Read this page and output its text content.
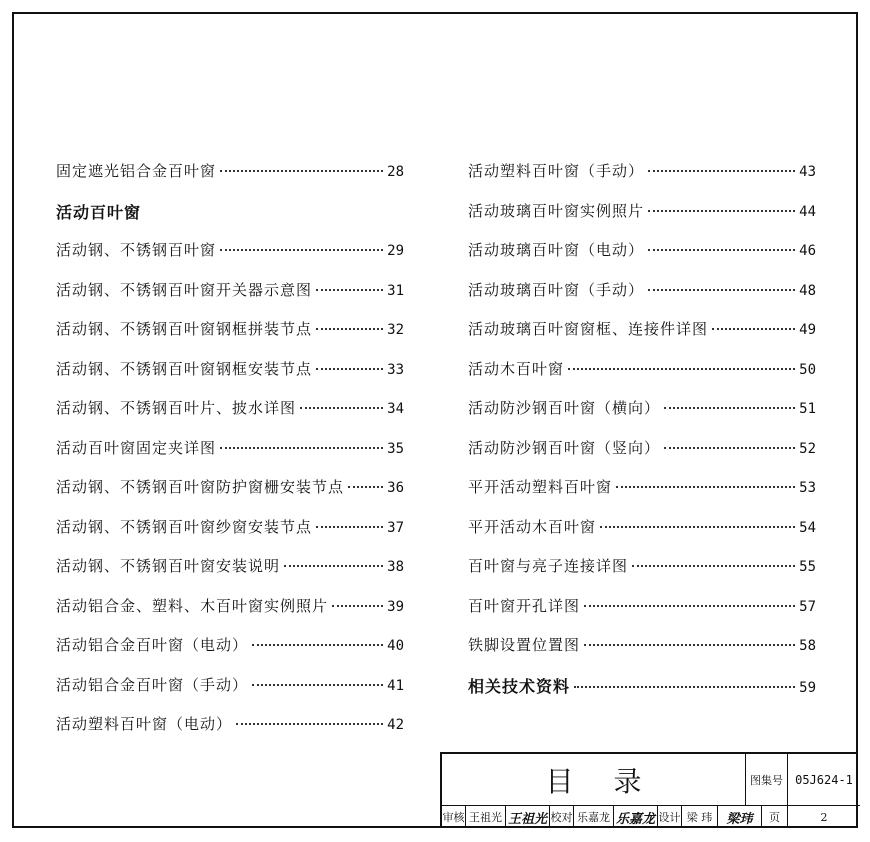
固定遮光铝合金百叶窗	28
活动百叶窗
活动钢、不锈钢百叶窗	29
活动钢、不锈钢百叶窗开关器示意图	31
活动钢、不锈钢百叶窗钢框拼装节点	32
活动钢、不锈钢百叶窗钢框安装节点	33
活动钢、不锈钢百叶片、披水详图	34
活动百叶窗固定夹详图	35
活动钢、不锈钢百叶窗防护窗栅安装节点	36
活动钢、不锈钢百叶窗纱窗安装节点	37
活动钢、不锈钢百叶窗安装说明	38
活动铝合金、塑料、木百叶窗实例照片	39
活动铝合金百叶窗（电动）	40
活动铝合金百叶窗（手动）	41
活动塑料百叶窗（电动）	42
活动塑料百叶窗（手动）	43
活动玻璃百叶窗实例照片	44
活动玻璃百叶窗（电动）	46
活动玻璃百叶窗（手动）	48
活动玻璃百叶窗窗框、连接件详图	49
活动木百叶窗	50
活动防沙钢百叶窗（横向）	51
活动防沙钢百叶窗（竖向）	52
平开活动塑料百叶窗	53
平开活动木百叶窗	54
百叶窗与亮子连接详图	55
百叶窗开孔详图	57
铁脚设置位置图	58
相关技术资料	59
目录	图集号	05J624-1
审核 王祖光 王祖光 校对 乐嘉龙 乐嘉龙 设计 梁 玮	梁玮	页	2
